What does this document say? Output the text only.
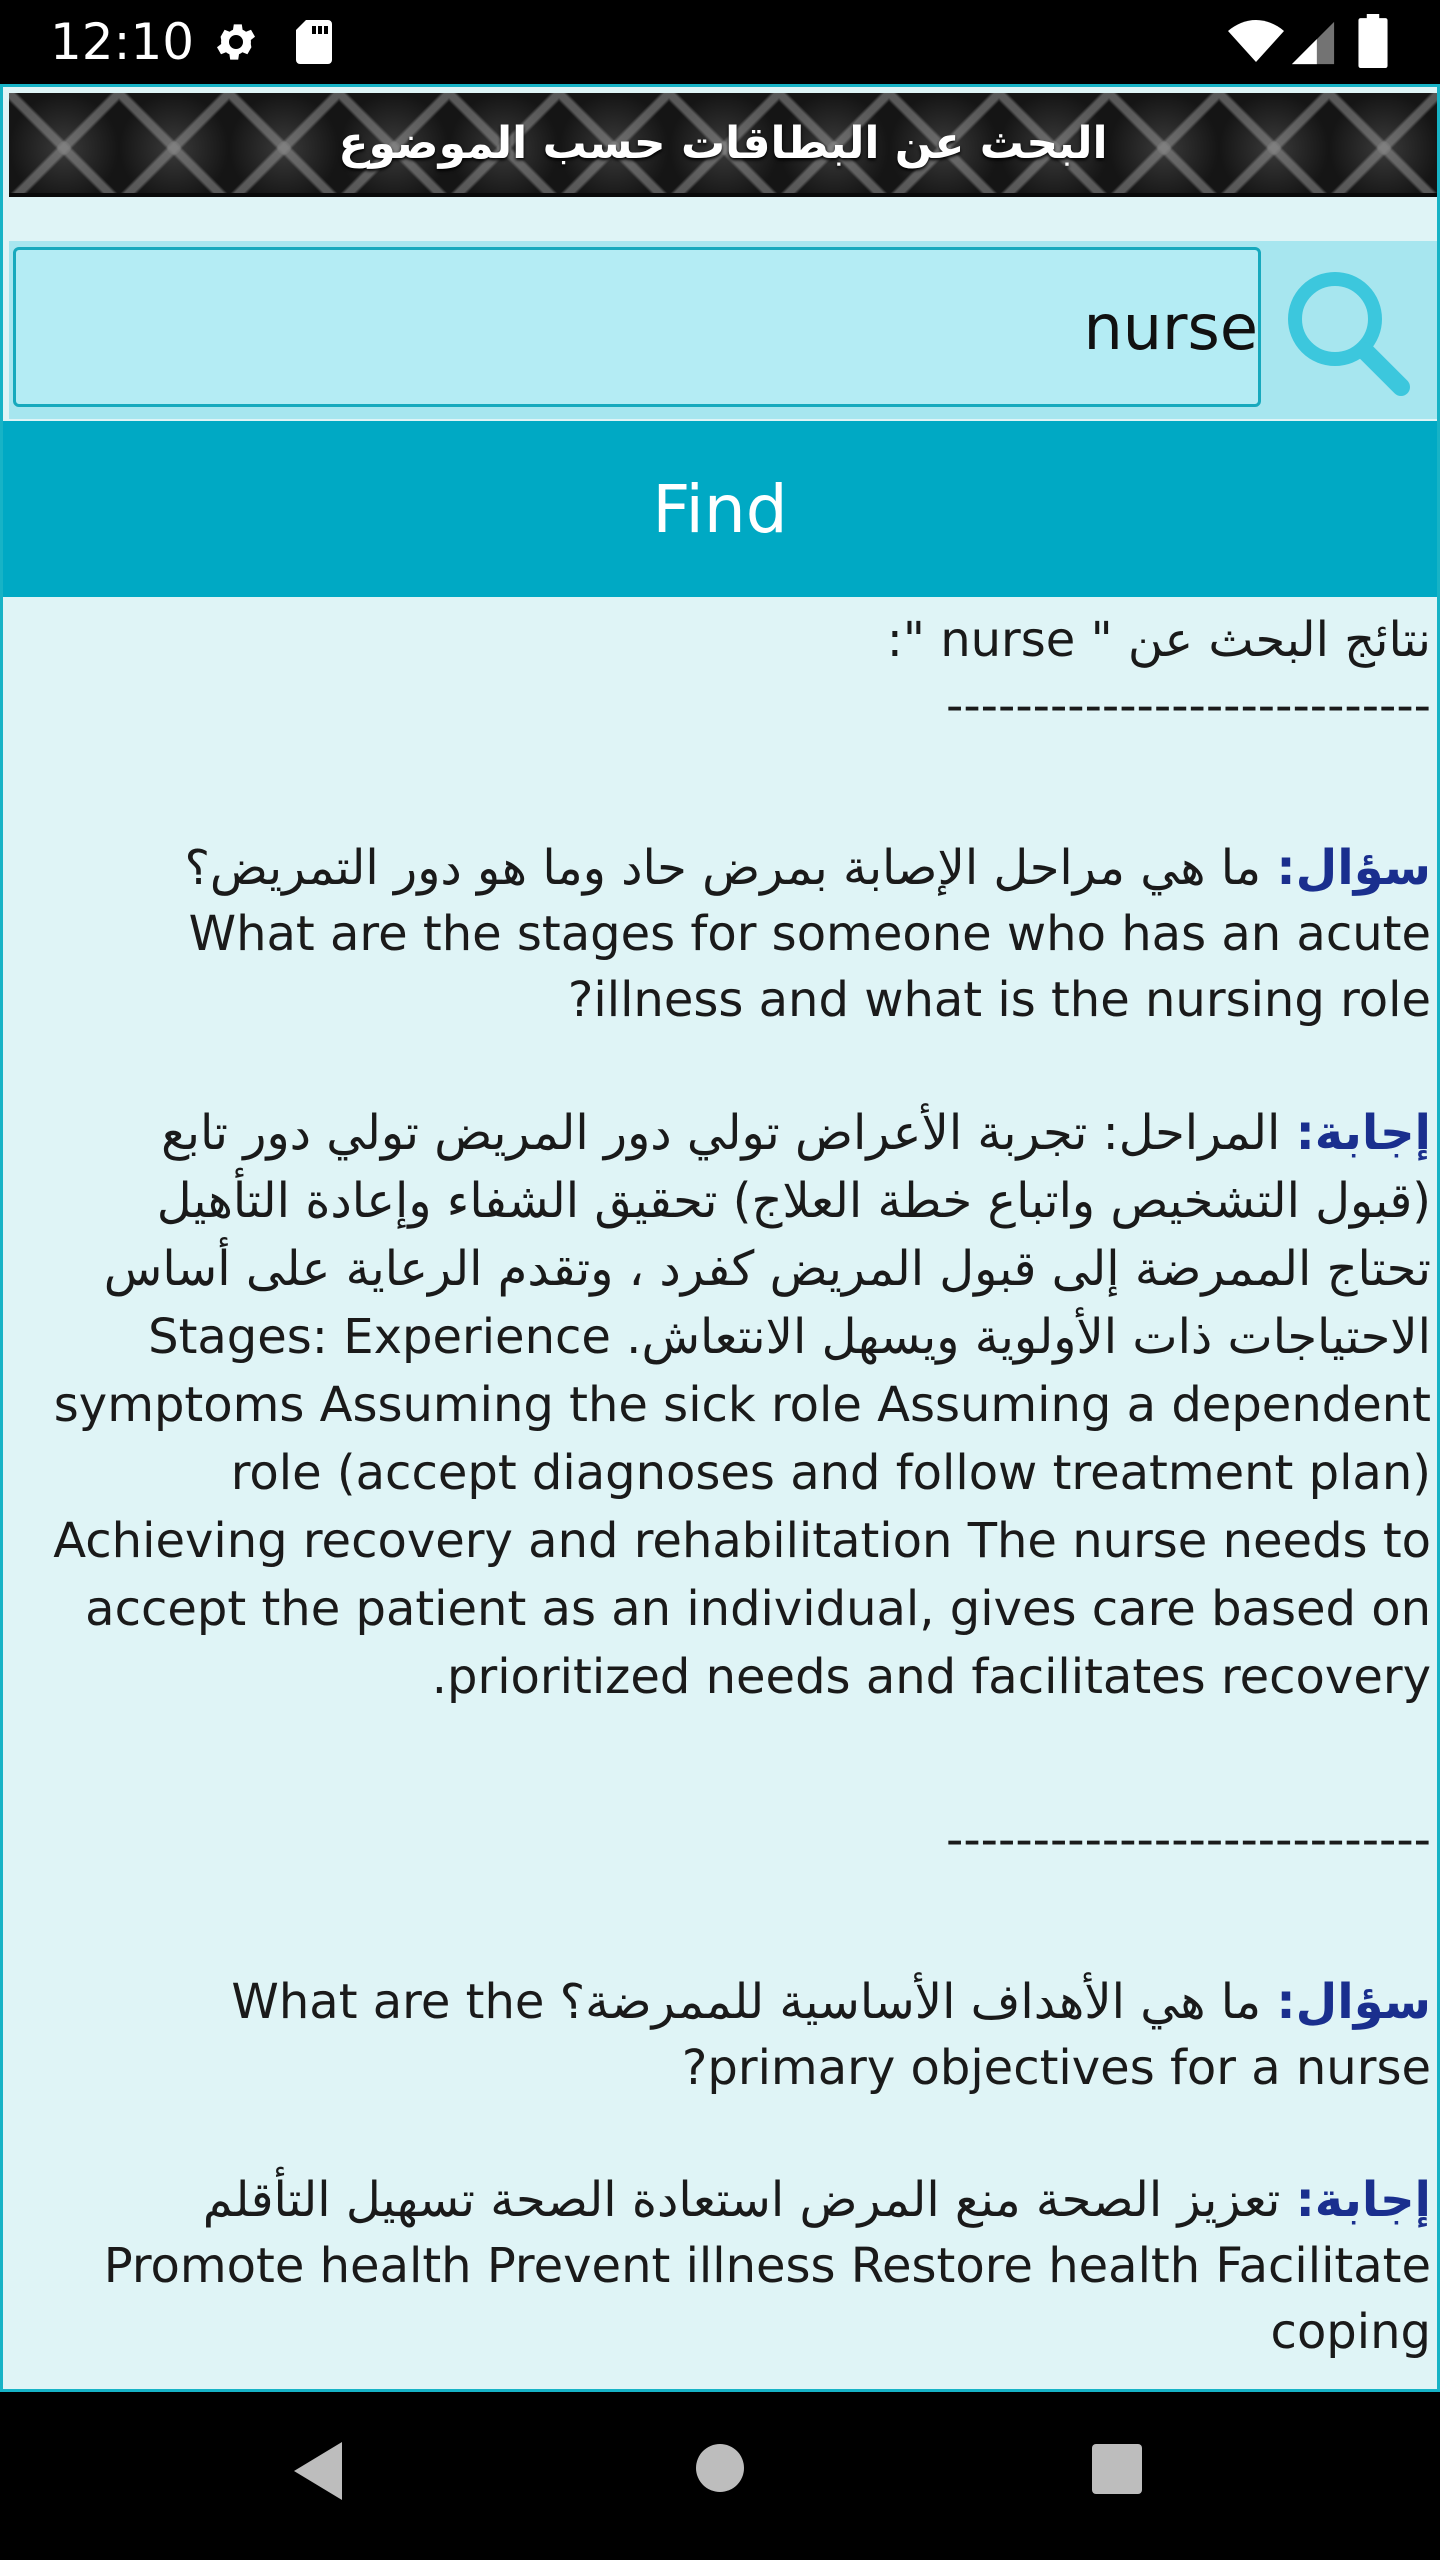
12:10
البحث عن البطاقات حسب الموضوع
nurse
Find
نتائج البحث عن " nurse ":
----------------------------

سؤال: ما هي مراحل الإصابة بمرض حاد وما هو دور التمريض؟ What are the stages for someone who has an acute illness and what is the nursing role?

إجابة: المراحل: تجربة الأعراض تولي دور المريض تولي دور تابع (قبول التشخيص واتباع خطة العلاج) تحقيق الشفاء وإعادة التأهيل تحتاج الممرضة إلى قبول المريض كفرد ، وتقدم الرعاية على أساس الاحتياجات ذات الأولوية ويسهل الانتعاش. Stages: Experience symptoms Assuming the sick role Assuming a dependent role (accept diagnoses and follow treatment plan) Achieving recovery and rehabilitation The nurse needs to accept the patient as an individual, gives care based on prioritized needs and facilitates recovery.

----------------------------

سؤال: ما هي الأهداف الأساسية للممرضة؟ What are the primary objectives for a nurse?

إجابة: تعزيز الصحة منع المرض استعادة الصحة تسهيل التأقلم Promote health Prevent illness Restore health Facilitate coping
